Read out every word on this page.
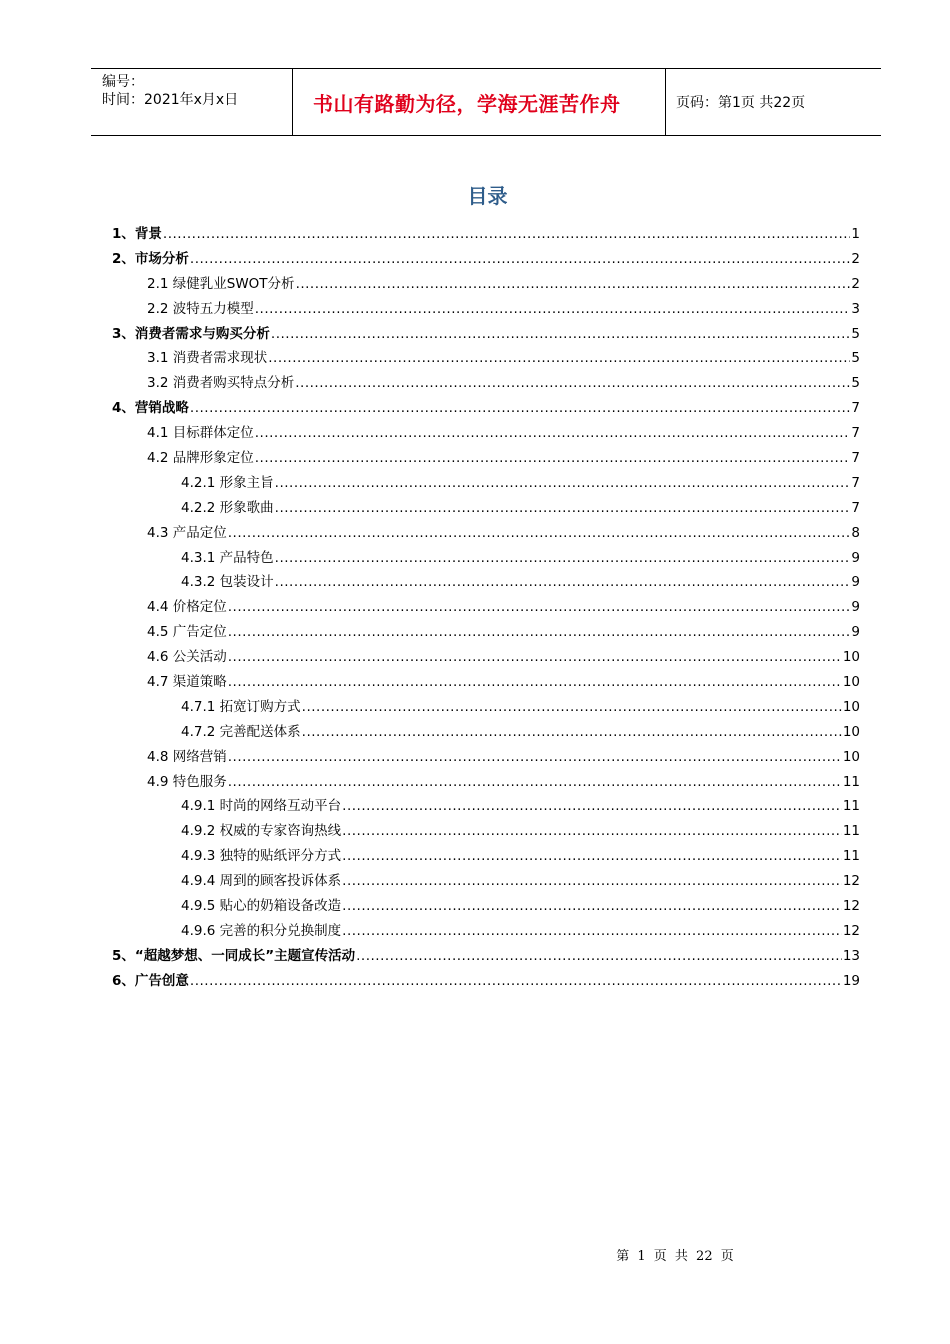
编号：
时间：2021年x月x日	书山有路勤为径，学海无涯苦作舟	页码：第1页 共22页
目录
1、背景 .....	1
2、市场分析 .....	2
2.1 绿健乳业SWOT分析 .....	2
2.2 波特五力模型 .....	3
3、消费者需求与购买分析 .....	5
3.1 消费者需求现状 .....	5
3.2 消费者购买特点分析 .....	5
4、营销战略 .....	7
4.1 目标群体定位 .....	7
4.2 品牌形象定位 .....	7
4.2.1 形象主旨 .....	7
4.2.2 形象歌曲 .....	7
4.3 产品定位 .....	8
4.3.1 产品特色 .....	9
4.3.2 包装设计 .....	9
4.4 价格定位 .....	9
4.5 广告定位 .....	9
4.6 公关活动 .....	10
4.7 渠道策略 .....	10
4.7.1 拓宽订购方式 .....	10
4.7.2 完善配送体系 .....	10
4.8 网络营销 .....	10
4.9 特色服务 .....	11
4.9.1 时尚的网络互动平台 .....	11
4.9.2 权威的专家咨询热线 .....	11
4.9.3 独特的贴纸评分方式 .....	11
4.9.4 周到的顾客投诉体系 .....	12
4.9.5 贴心的奶箱设备改造 .....	12
4.9.6 完善的积分兑换制度 .....	12
5、“超越梦想、一同成长”主题宣传活动 .....	13
6、广告创意 .....	19
第 1 页 共 22 页
